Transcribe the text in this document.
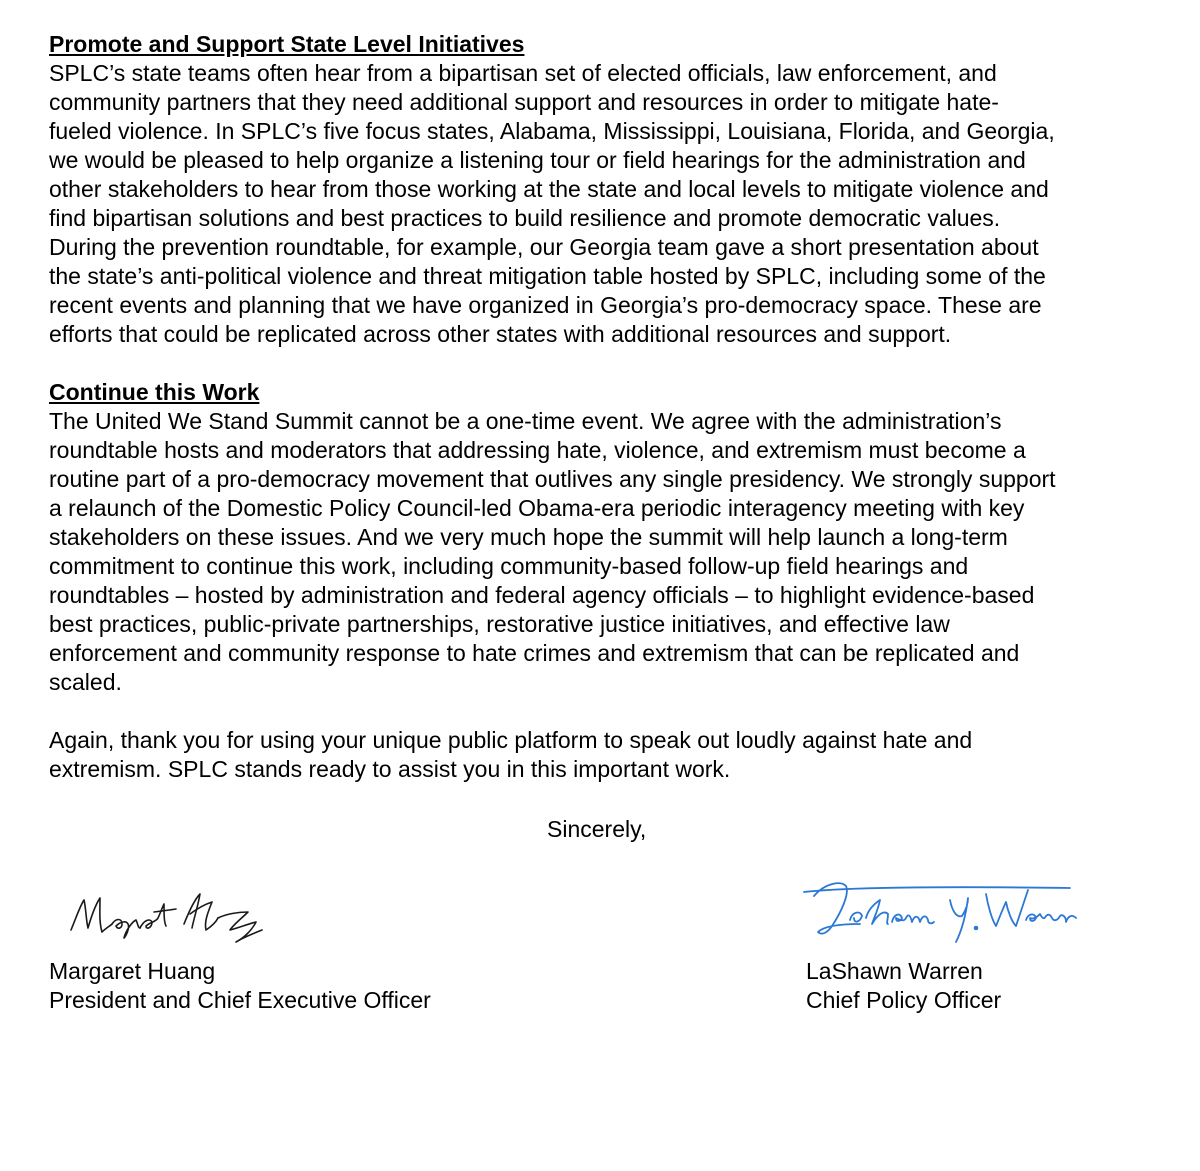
Promote and Support State Level Initiatives

SPLC’s state teams often hear from a bipartisan set of elected officials, law enforcement, and

community partners that they need additional support and resources in order to mitigate hate-

fueled violence. In SPLC’s five focus states, Alabama, Mississippi, Louisiana, Florida, and Georgia,

we would be pleased to help organize a listening tour or field hearings for the administration and

other stakeholders to hear from those working at the state and local levels to mitigate violence and

find bipartisan solutions and best practices to build resilience and promote democratic values.

During the prevention roundtable, for example, our Georgia team gave a short presentation about

the state’s anti-political violence and threat mitigation table hosted by SPLC, including some of the

recent events and planning that we have organized in Georgia’s pro-democracy space. These are

efforts that could be replicated across other states with additional resources and support.

Continue this Work

The United We Stand Summit cannot be a one-time event. We agree with the administration’s

roundtable hosts and moderators that addressing hate, violence, and extremism must become a

routine part of a pro-democracy movement that outlives any single presidency. We strongly support

a relaunch of the Domestic Policy Council-led Obama-era periodic interagency meeting with key

stakeholders on these issues. And we very much hope the summit will help launch a long-term

commitment to continue this work, including community-based follow-up field hearings and

roundtables – hosted by administration and federal agency officials – to highlight evidence-based

best practices, public-private partnerships, restorative justice initiatives, and effective law

enforcement and community response to hate crimes and extremism that can be replicated and

scaled.

Again, thank you for using your unique public platform to speak out loudly against hate and

extremism. SPLC stands ready to assist you in this important work.

Sincerely,
Margaret Huang
President and Chief Executive Officer
LaShawn Warren
Chief Policy Officer
